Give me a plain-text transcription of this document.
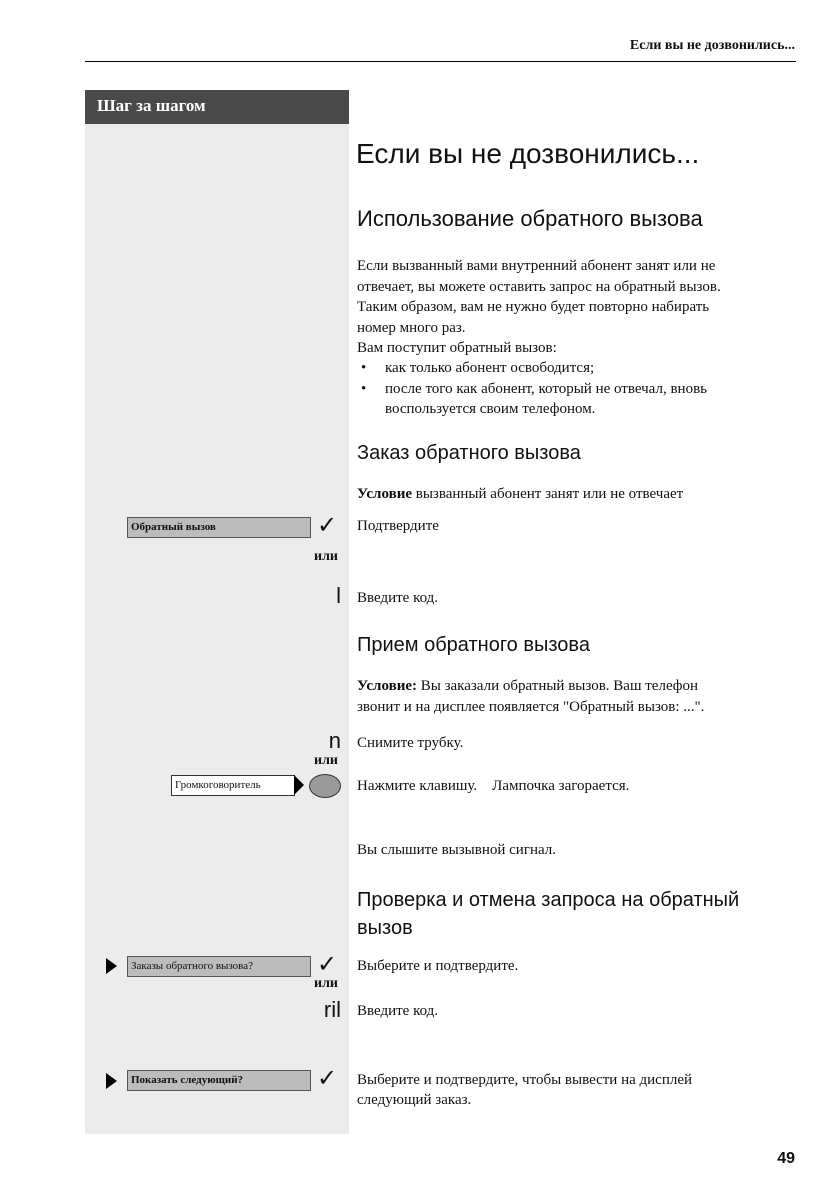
Если вы не дозвонились...
Шаг за шагом
Если вы не дозвонились...
Использование обратного вызова
Если вызванный вами внутренний абонент занят или не
отвечает, вы можете оставить запрос на обратный вызов.
Таким образом, вам не нужно будет повторно набирать
номер много раз.
Вам поступит обратный вызов:
• как только абонент освободится;
• после того как абонент, который не отвечал, вновь воспользуется своим телефоном.
Заказ обратного вызова
Условие вызванный абонент занят или не отвечает
Обратный вызов	✓ Подтвердите
или
l Введите код.
Прием обратного вызова
Условие: Вы заказали обратный вызов. Ваш телефон
звонит и на дисплее появляется "Обратный вызов: ...".
n Снимите трубку.
или
Громкоговоритель	Нажмите клавишу.    Лампочка загорается.
Вы слышите вызывной сигнал.
Проверка и отмена запроса на обратный
вызов
Заказы обратного вызова?	✓ Выберите и подтвердите.
или
ril Введите код.
Показать следующий?	✓ Выберите и подтвердите, чтобы вывести на дисплей
следующий заказ.
49
